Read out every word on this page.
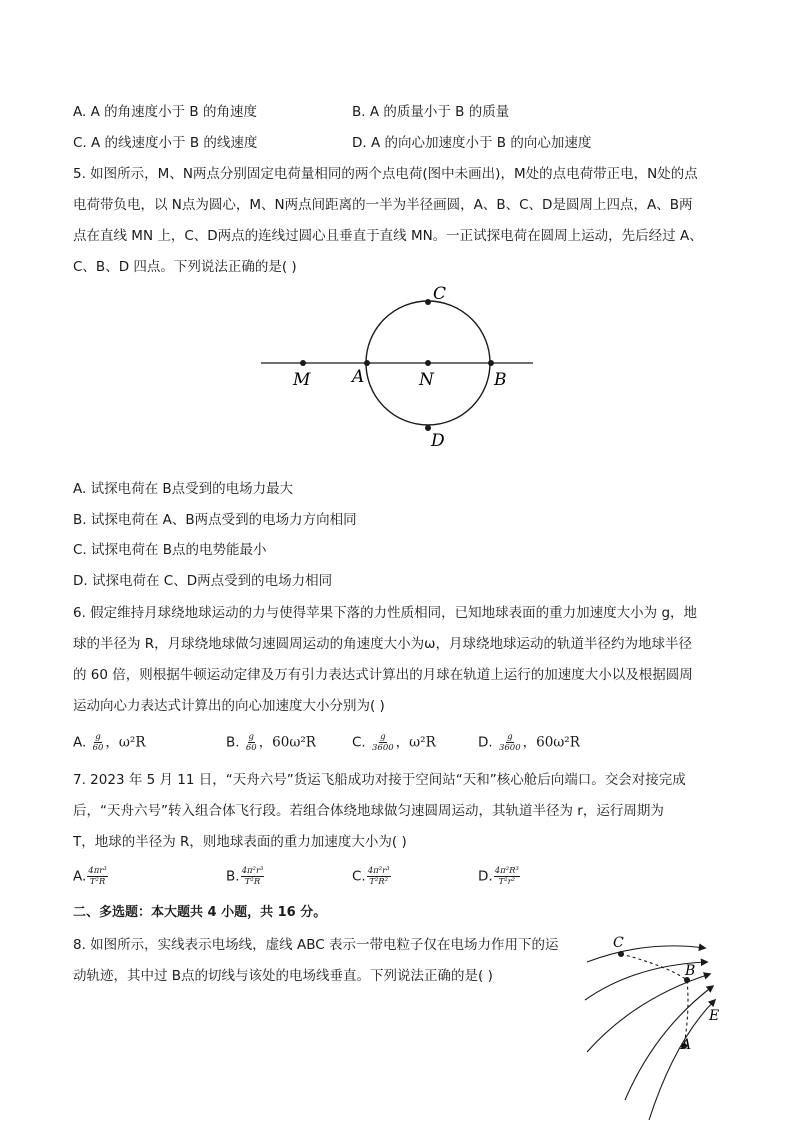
A. A 的角速度小于 B 的角速度	B. A 的质量小于 B 的质量
C. A 的线速度小于 B 的线速度	D. A 的向心加速度小于 B 的向心加速度
5. 如图所示，M、N两点分别固定电荷量相同的两个点电荷(图中未画出)，M处的点电荷带正电，N处的点
电荷带负电，以 N点为圆心，M、N两点间距离的一半为半径画圆，A、B、C、D是圆周上四点，A、B两
点在直线 MN 上，C、D两点的连线过圆心且垂直于直线 MN。一正试探电荷在圆周上运动，先后经过 A、
C、B、D 四点。下列说法正确的是( )
C
M A	N	B
D
A. 试探电荷在 B点受到的电场力最大
B. 试探电荷在 A、B两点受到的电场力方向相同
C. 试探电荷在 B点的电势能最小
D. 试探电荷在 C、D两点受到的电场力相同
6. 假定维持月球绕地球运动的力与使得苹果下落的力性质相同，已知地球表面的重力加速度大小为 g，地
球的半径为 R，月球绕地球做匀速圆周运动的角速度大小为ω，月球绕地球运动的轨道半径约为地球半径
的 60 倍，则根据牛顿运动定律及万有引力表达式计算出的月球在轨道上运行的加速度大小以及根据圆周
运动向心力表达式计算出的向心加速度大小分别为( )
A. $\frac{g}{60}$ ，ω²R	B. $\frac{g}{60}$ ，60ω²R	C. $\frac{g}{3600}$ ，ω²R	D. $\frac{g}{3600}$ ，60ω²R
7. 2023 年 5 月 11 日，“天舟六号”货运飞船成功对接于空间站“天和”核心舱后向端口。交会对接完成
后，“天舟六号”转入组合体飞行段。若组合体绕地球做匀速圆周运动，其轨道半径为 r，运行周期为
T，地球的半径为 R，则地球表面的重力加速度大小为( )
A. $\frac{\text{4πr³}}{\text{T²R}}$	B. $\frac{\text{4π²r³}}{\text{T²R}}$	C. $\frac{\text{4π²r³}}{\text{T²R²}}$	D. $\frac{\text{4π²R³}}{\text{T²r²}}$
二、多选题：本大题共 4 小题，共 16 分。
8. 如图所示，实线表示电场线，虚线 ABC 表示一带电粒子仅在电场力作用下的运
动轨迹，其中过 B点的切线与该处的电场线垂直。下列说法正确的是( )
C
B
E
A
